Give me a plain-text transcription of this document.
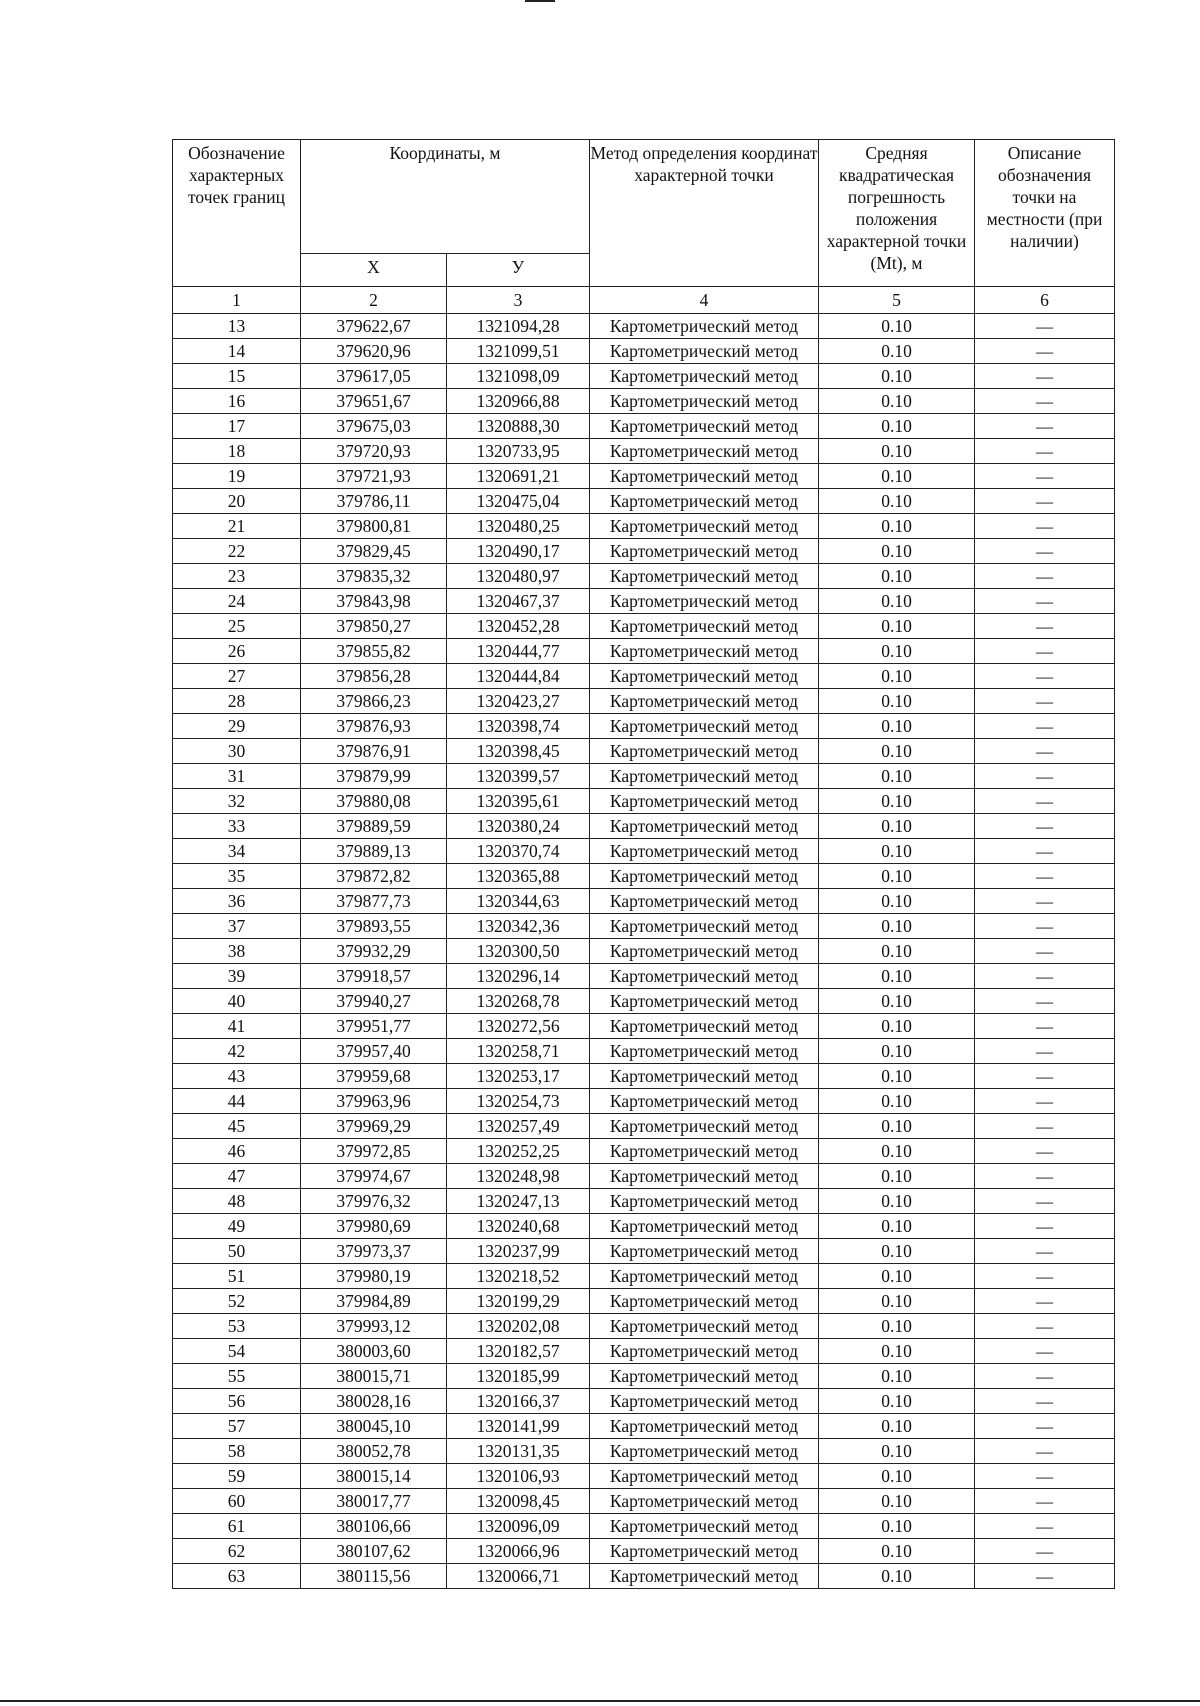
Обозначение характерных точек границ	Координаты, м		Метод определения координат характерной точки	Средняя квадратическая погрешность положения характерной точки (Mt), м	Описание обозначения точки на местности (при наличии)
	X	У			
1	2	3	4	5	6
13	379622,67	1321094,28	Картометрический метод	0.10	—
14	379620,96	1321099,51	Картометрический метод	0.10	—
15	379617,05	1321098,09	Картометрический метод	0.10	—
16	379651,67	1320966,88	Картометрический метод	0.10	—
17	379675,03	1320888,30	Картометрический метод	0.10	—
18	379720,93	1320733,95	Картометрический метод	0.10	—
19	379721,93	1320691,21	Картометрический метод	0.10	—
20	379786,11	1320475,04	Картометрический метод	0.10	—
21	379800,81	1320480,25	Картометрический метод	0.10	—
22	379829,45	1320490,17	Картометрический метод	0.10	—
23	379835,32	1320480,97	Картометрический метод	0.10	—
24	379843,98	1320467,37	Картометрический метод	0.10	—
25	379850,27	1320452,28	Картометрический метод	0.10	—
26	379855,82	1320444,77	Картометрический метод	0.10	—
27	379856,28	1320444,84	Картометрический метод	0.10	—
28	379866,23	1320423,27	Картометрический метод	0.10	—
29	379876,93	1320398,74	Картометрический метод	0.10	—
30	379876,91	1320398,45	Картометрический метод	0.10	—
31	379879,99	1320399,57	Картометрический метод	0.10	—
32	379880,08	1320395,61	Картометрический метод	0.10	—
33	379889,59	1320380,24	Картометрический метод	0.10	—
34	379889,13	1320370,74	Картометрический метод	0.10	—
35	379872,82	1320365,88	Картометрический метод	0.10	—
36	379877,73	1320344,63	Картометрический метод	0.10	—
37	379893,55	1320342,36	Картометрический метод	0.10	—
38	379932,29	1320300,50	Картометрический метод	0.10	—
39	379918,57	1320296,14	Картометрический метод	0.10	—
40	379940,27	1320268,78	Картометрический метод	0.10	—
41	379951,77	1320272,56	Картометрический метод	0.10	—
42	379957,40	1320258,71	Картометрический метод	0.10	—
43	379959,68	1320253,17	Картометрический метод	0.10	—
44	379963,96	1320254,73	Картометрический метод	0.10	—
45	379969,29	1320257,49	Картометрический метод	0.10	—
46	379972,85	1320252,25	Картометрический метод	0.10	—
47	379974,67	1320248,98	Картометрический метод	0.10	—
48	379976,32	1320247,13	Картометрический метод	0.10	—
49	379980,69	1320240,68	Картометрический метод	0.10	—
50	379973,37	1320237,99	Картометрический метод	0.10	—
51	379980,19	1320218,52	Картометрический метод	0.10	—
52	379984,89	1320199,29	Картометрический метод	0.10	—
53	379993,12	1320202,08	Картометрический метод	0.10	—
54	380003,60	1320182,57	Картометрический метод	0.10	—
55	380015,71	1320185,99	Картометрический метод	0.10	—
56	380028,16	1320166,37	Картометрический метод	0.10	—
57	380045,10	1320141,99	Картометрический метод	0.10	—
58	380052,78	1320131,35	Картометрический метод	0.10	—
59	380015,14	1320106,93	Картометрический метод	0.10	—
60	380017,77	1320098,45	Картометрический метод	0.10	—
61	380106,66	1320096,09	Картометрический метод	0.10	—
62	380107,62	1320066,96	Картометрический метод	0.10	—
63	380115,56	1320066,71	Картометрический метод	0.10	—
